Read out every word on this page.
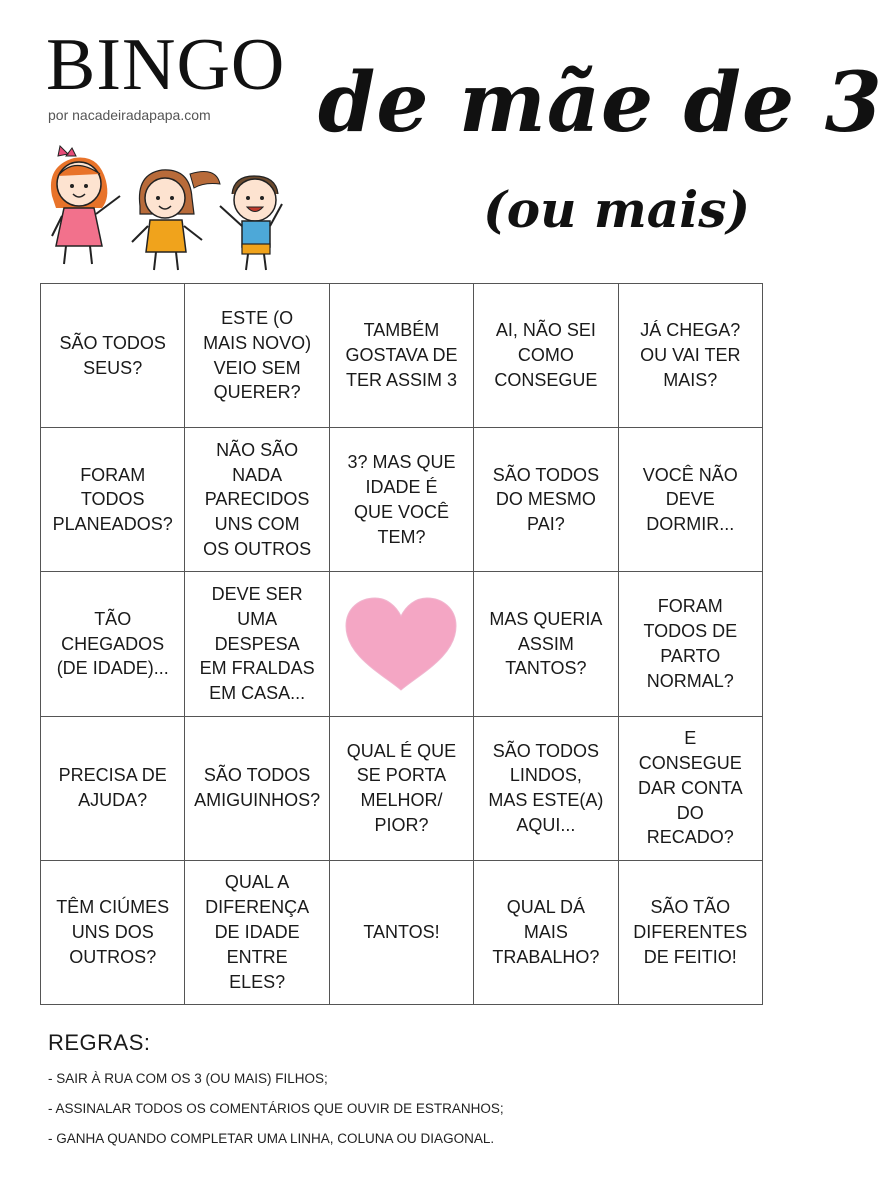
BINGO
por nacadeiradapapa.com de mãe de 3
(ou mais)
SÃO TODOS
SEUS?
ESTE (O
MAIS NOVO)
VEIO SEM
QUERER?
TAMBÉM
GOSTAVA DE
TER ASSIM 3
AI, NÃO SEI
COMO
CONSEGUE
JÁ CHEGA?
OU VAI TER
MAIS?
FORAM
TODOS
PLANEADOS?
NÃO SÃO
NADA
PARECIDOS
UNS COM
OS OUTROS
3? MAS QUE
IDADE É
QUE VOCÊ
TEM?
SÃO TODOS
DO MESMO
PAI?
VOCÊ NÃO
DEVE
DORMIR...
TÃO
CHEGADOS
(DE IDADE)...
DEVE SER
UMA
DESPESA
EM FRALDAS
EM CASA...
MAS QUERIA
ASSIM
TANTOS?
FORAM
TODOS DE
PARTO
NORMAL?
PRECISA DE
AJUDA?
SÃO TODOS
AMIGUINHOS?
QUAL É QUE
SE PORTA
MELHOR/
PIOR?
SÃO TODOS
LINDOS,
MAS ESTE(A)
AQUI...
E
CONSEGUE
DAR CONTA
DO
RECADO?
TÊM CIÚMES
UNS DOS
OUTROS?
QUAL A
DIFERENÇA
DE IDADE
ENTRE
ELES?
TANTOS!
QUAL DÁ
MAIS
TRABALHO?
SÃO TÃO
DIFERENTES
DE FEITIO!
REGRAS:
- SAIR À RUA COM OS 3 (OU MAIS) FILHOS;
- ASSINALAR TODOS OS COMENTÁRIOS QUE OUVIR DE ESTRANHOS;
- GANHA QUANDO COMPLETAR UMA LINHA, COLUNA OU DIAGONAL.
